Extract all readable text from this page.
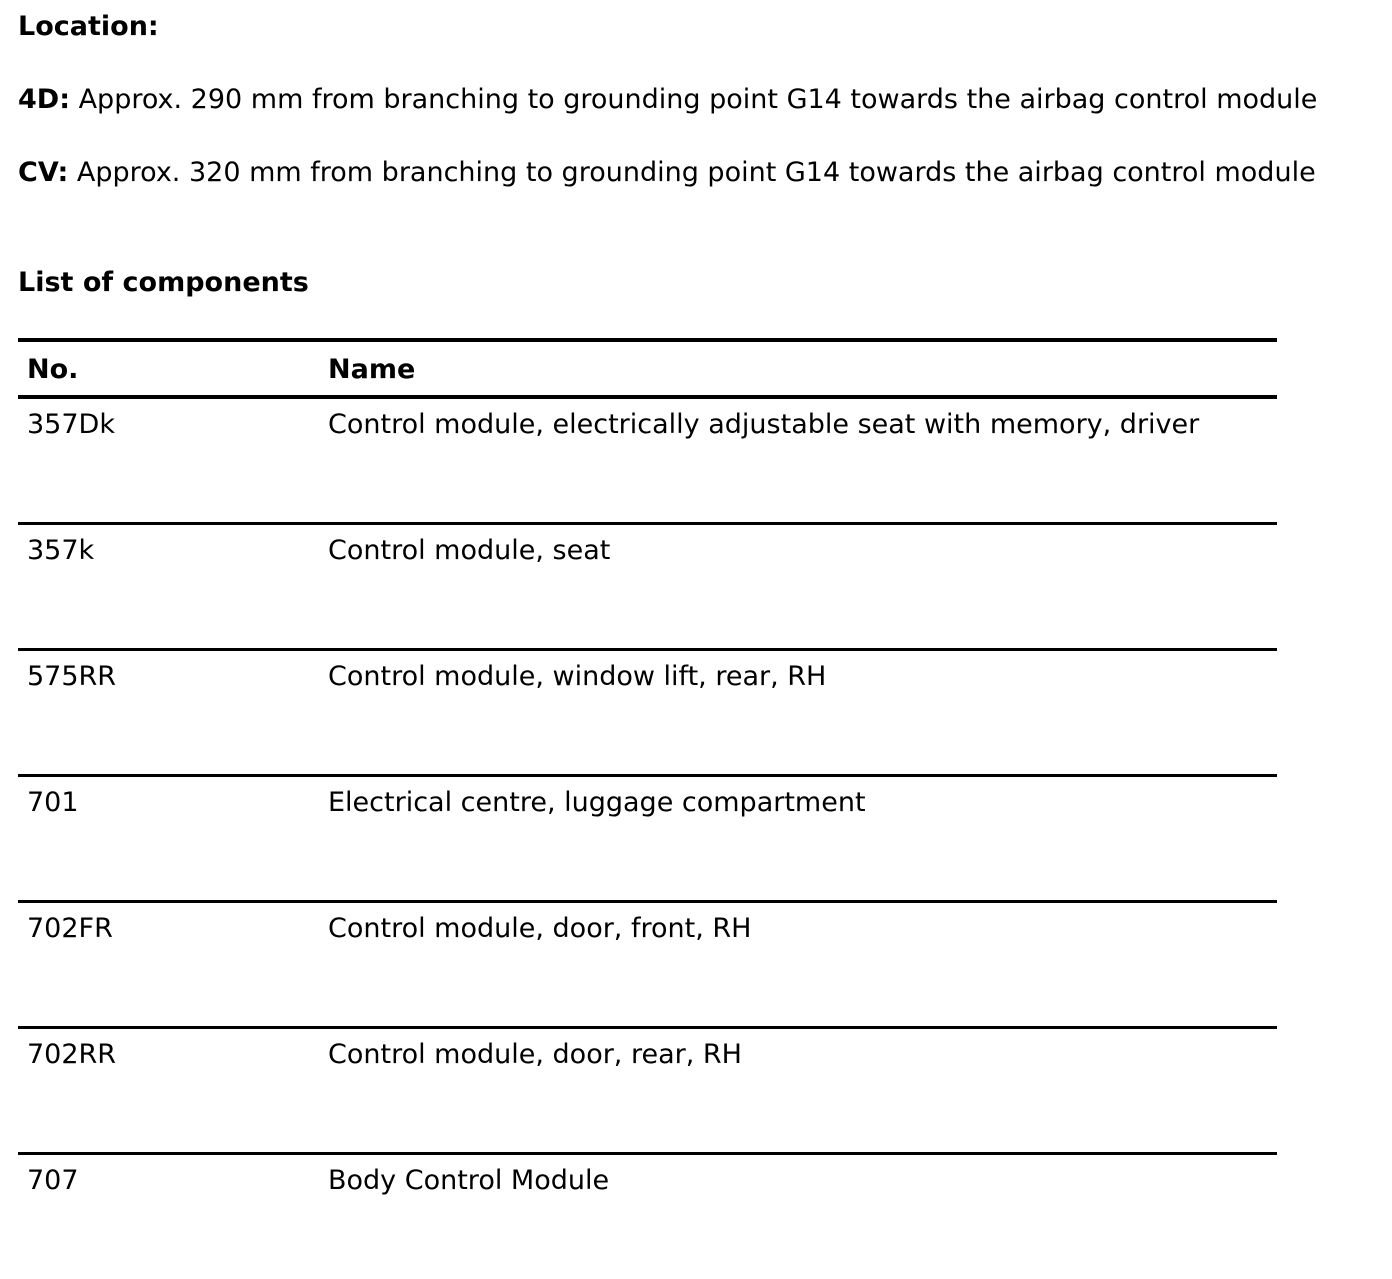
Location:

4D: Approx. 290 mm from branching to grounding point G14 towards the airbag control module

CV: Approx. 320 mm from branching to grounding point G14 towards the airbag control module

List of components

No.	Name
357Dk	Control module, electrically adjustable seat with memory, driver
357k	Control module, seat
575RR	Control module, window lift, rear, RH
701	Electrical centre, luggage compartment
702FR	Control module, door, front, RH
702RR	Control module, door, rear, RH
707	Body Control Module
